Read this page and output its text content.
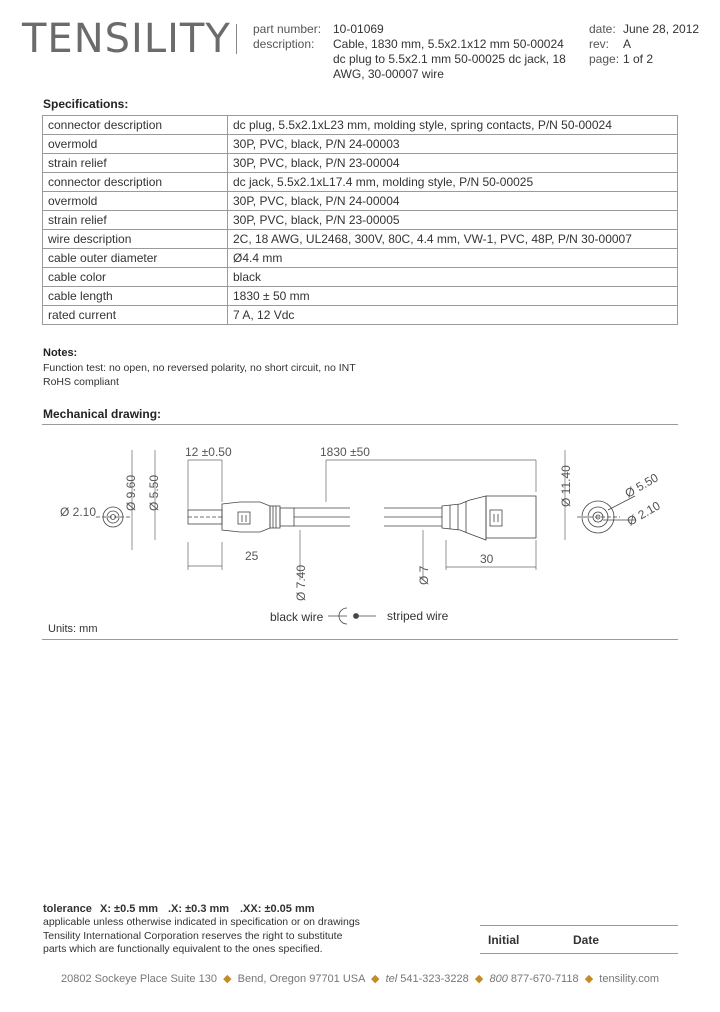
TENSILITY part number: 10-01069
description: Cable, 1830 mm, 5.5x2.1x12 mm 50-00024
dc plug to 5.5x2.1 mm 50-00025 dc jack, 18
AWG, 30-00007 wire
date: June 28, 2012
rev: A
page: 1 of 2
Specifications:
connector description	dc plug, 5.5x2.1xL23 mm, molding style, spring contacts, P/N 50-00024
overmold	30P, PVC, black, P/N 24-00003
strain relief	30P, PVC, black, P/N 23-00004
connector description	dc jack, 5.5x2.1xL17.4 mm, molding style, P/N 50-00025
overmold	30P, PVC, black, P/N 24-00004
strain relief	30P, PVC, black, P/N 23-00005
wire description	2C, 18 AWG, UL2468, 300V, 80C, 4.4 mm, VW-1, PVC, 48P, P/N 30-00007
cable outer diameter	Ø4.4 mm
cable color	black
cable length	1830 ± 50 mm
rated current	7 A, 12 Vdc
Notes:
Function test: no open, no reversed polarity, no short circuit, no INT
RoHS compliant
Mechanical drawing:
Ø 2.10
Ø 5.50
Ø 2.10
12 ±0.50	1830 ±50
Ø 9.60 Ø 5.50
25
Ø 7.40	Ø 7
30
Ø 11.40
black wire	striped wire
Units: mm
tolerance X: ±0.5 mm .X: ±0.3 mm .XX: ±0.05 mm
applicable unless otherwise indicated in specification or on drawings
Tensility International Corporation reserves the right to substitute
parts which are functionally equivalent to the ones specified.
Initial	Date
20802 Sockeye Place Suite 130  ◆  Bend, Oregon 97701 USA  ◆  tel 541-323-3228  ◆  800 877-670-7118  ◆  tensility.com
